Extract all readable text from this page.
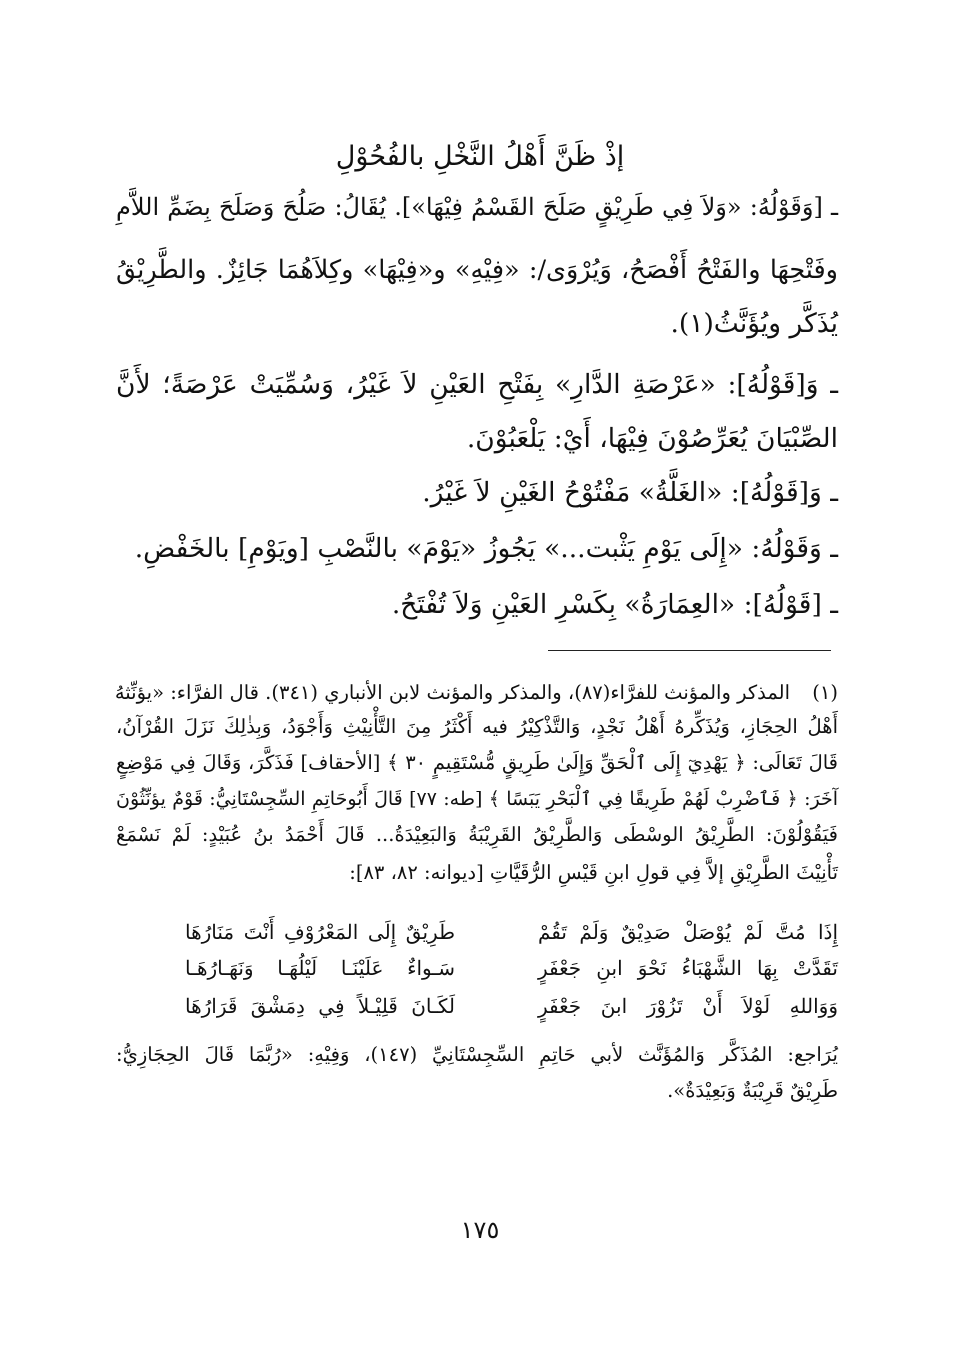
إذْ ظَنَّ أَهْلُ النَّخْلِ بالفُحُوْلِ
ـ [وَقَوْلُهُ: «وَلاَ فِي طَرِيْقٍ صَلَحَ القَسْمُ فِيْهَا»]. يُقَالُ: صَلُحَ وَصَلَحَ بِضَمِّ اللاَّمِ
وفَتْحِهَا والفَتْحُ أَفْصَحُ، وَيُرْوَى/: «فِيْهِ» و«فِيْهَا» وكِلاَهُمَا جَائِزٌ. والطَّرِيْقُ
يُذَكَّر ويُؤَنَّثُ(١).
ـ وَ[قَوْلُهُ]: «عَرْصَةِ الدَّارِ» بِفَتْحِ العَيْنِ لاَ غَيْرُ، وَسُمِّيَتْ عَرْصَةً؛ لأَنَّ
الصِّبْيَانَ يُعَرِّصُوْنَ فِيْهَا، أَيْ: يَلْعَبُوْنَ.
ـ وَ[قَوْلُهُ]: «الغَلَّةُ» مَفْتُوْحُ الغَيْنِ لاَ غَيْرُ.
ـ وَقَوْلُهُ: «إِلَى يَوْمِ يَثْبت...» يَجُوزُ «يَوْمَ» بالنَّصْبِ [ويَوْمِ] بالخَفْضِ.
ـ [قَوْلُهُ]: «العِمَارَةُ» بِكَسْرِ العَيْنِ وَلاَ تُفْتَحُ.
(١)
المذكر والمؤنث للفرَّاء(٨٧)، والمذكر والمؤنث لابن الأنباري (٣٤١). قال الفرَّاء: «يؤنِّثهُ
أَهْلُ الحِجَازِ، وَيُذَكِّرهُ أَهْلُ نَجْدٍ، وَالتَّذْكِيْرُ فيه أَكْثَرُ مِنَ التَّأْنِيْثِ وَأَجْوَدُ، وَبِذٰلِكَ نَزَلَ القُرْآنُ،
قَالَ تَعَالَى: ﴿ يَهْدِيٓ إِلَى ٱلْحَقِّ وَإِلَىٰ طَرِيقٍ مُّسْتَقِيمٍ ٣٠ ﴾ [الأحقاف] فَذَكَّرَ، وَقَالَ فِي مَوْضِعٍ
آخَرَ: ﴿ فَٱضْرِبْ لَهُمْ طَرِيقًا فِي ٱلْبَحْرِ يَبَسًا ﴾ [طه: ٧٧] قَالَ أَبُوحَاتِمِ السِّجِسْتَانِيُّ: قَوْمٌ يؤنِّثُوْنَ
فَيَقُوْلُوْنَ: الطَّرِيْقُ الوسْطَى وَالطَّرِيْقُ القَرِيْبَةُ وَالبَعِيْدَةُ... قَالَ أَحْمَدُ بنُ عُبَيْدٍ: لَمْ نَسْمَعْ
تَأْنِيْثَ الطَّرِيْقِ إلاَّ فِي قولِ ابنِ قَيْسِ الرُّقَيَّاتِ [ديوانه: ٨٢، ٨٣]:
إِذَا مُتَّ لَمْ يُوْصَلْ صَدِيْقٌ وَلَمْ تَقُمْ
طَرِيْقٌ إِلَى المَعْرُوْفِ أَنْتَ مَنَارُهَا
تَقَدَّتْ بِهَا الشَّهْبَاءُ نَحْوَ ابنِ جَعْفَرٍ
سَـواءٌ عَلَيْنَـا لَيْلُهَـا وَنَهَـارُهَـا
وَوَاللهِ لَوْلاَ أَنْ تَزُوْرَ ابنَ جَعْفَرٍ
لَكَـانَ قَلِيْـلاً فِي دِمَشْقَ قَرَارُهَا
يُرَاجع: المُذَكَّر وَالمُؤَنَّث لأبي حَاتِمِ السِّجِسْتَانِيِّ (١٤٧)، وَفِيْهِ: «رُبَّمَا قَالَ الحِجَازِيُّ:
طَرِيْقٌ قَرِيْبَةٌ وَبَعِيْدَةٌ».
١٧٥
